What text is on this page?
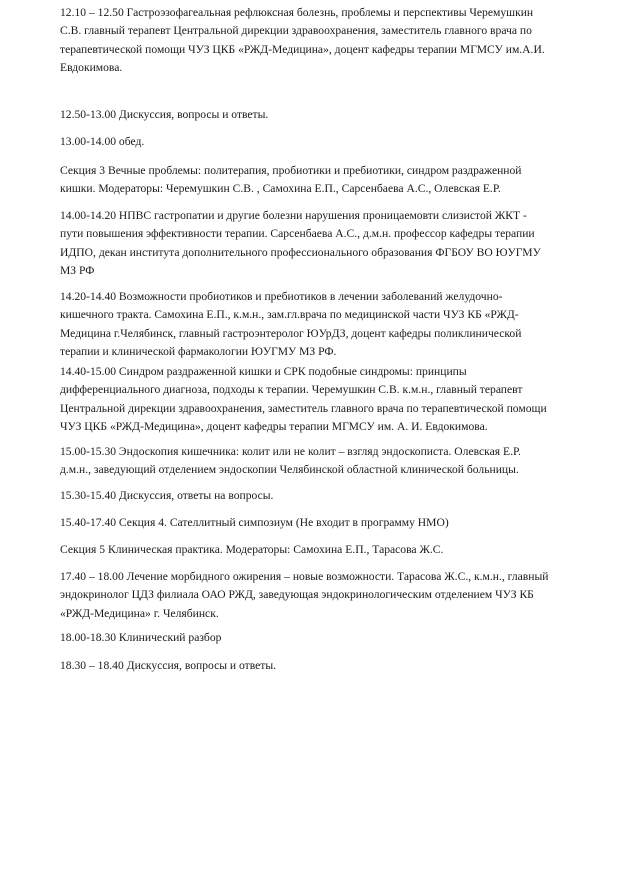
12.10 – 12.50 Гастроэзофагеальная рефлюксная болезнь, проблемы и перспективы Черемушкин
С.В. главный терапевт Центральной дирекции здравоохранения, заместитель главного врача по
терапевтической помощи ЧУЗ ЦКБ «РЖД-Медицина», доцент кафедры терапии МГМСУ им.А.И.
Евдокимова.
12.50-13.00 Дискуссия, вопросы и ответы.
13.00-14.00 обед.
Секция 3 Вечные проблемы: политерапия, пробиотики и пребиотики, синдром раздраженной
кишки. Модераторы: Черемушкин С.В. , Самохина Е.П., Сарсенбаева А.С., Олевская Е.Р.
14.00-14.20 НПВС гастропатии и другие болезни нарушения проницаемовти слизистой ЖКТ -
пути повышения эффективности терапии. Сарсенбаева А.С., д.м.н. профессор кафедры терапии
ИДПО, декан института дополнительного профессионального образования ФГБОУ ВО ЮУГМУ
МЗ РФ
14.20-14.40 Возможности пробиотиков и пребиотиков в лечении заболеваний желудочно-
кишечного тракта. Самохина Е.П., к.м.н., зам.гл.врача по медицинской части ЧУЗ КБ «РЖД-
Медицина г.Челябинск, главный гастроэнтеролог ЮУрДЗ, доцент кафедры поликлинической
терапии и клинической фармакологии ЮУГМУ МЗ РФ.
14.40-15.00 Синдром раздраженной кишки и СРК подобные синдромы: принципы
дифференциального диагноза, подходы к терапии. Черемушкин С.В. к.м.н., главный терапевт
Центральной дирекции здравоохранения, заместитель главного врача по терапевтической помощи
ЧУЗ ЦКБ «РЖД-Медицина», доцент кафедры терапии МГМСУ им. А. И. Евдокимова.
15.00-15.30 Эндоскопия кишечника: колит или не колит – взгляд эндоскописта. Олевская Е.Р.
д.м.н., заведующий отделением эндоскопии Челябинской областной клинической больницы.
15.30-15.40 Дискуссия, ответы на вопросы.
15.40-17.40 Секция 4. Сателлитный симпозиум (Не входит в программу НМО)
Секция 5 Клиническая практика. Модераторы: Самохина Е.П., Тарасова Ж.С.
17.40 – 18.00 Лечение морбидного ожирения – новые возможности. Тарасова Ж.С., к.м.н., главный
эндокринолог ЦДЗ филиала ОАО РЖД, заведующая эндокринологическим отделением ЧУЗ КБ
«РЖД-Медицина» г. Челябинск.
18.00-18.30 Клинический разбор
18.30 – 18.40 Дискуссия, вопросы и ответы.
